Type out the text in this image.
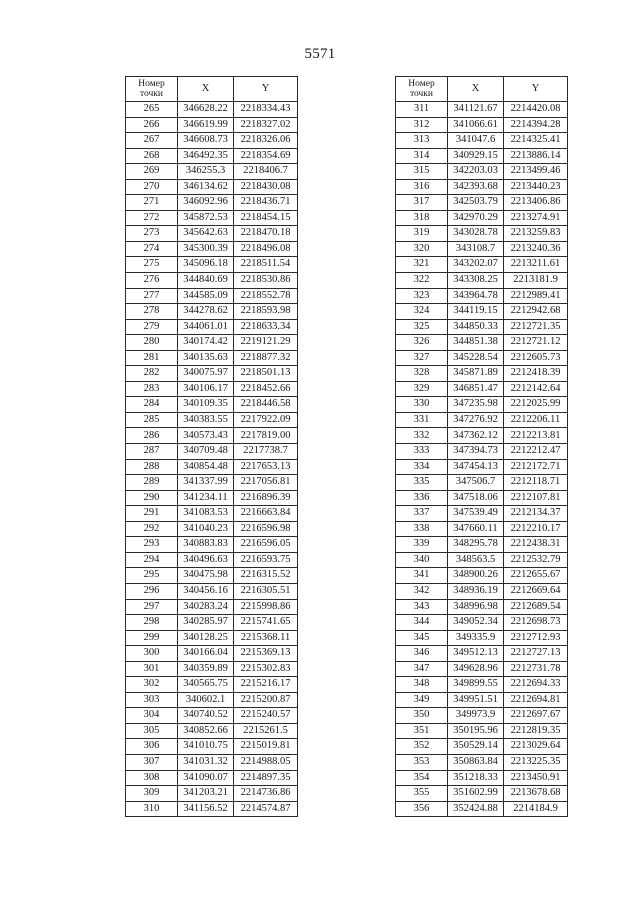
5571
Номер точки	X	Y
265	346628.22	2218334.43
266	346619.99	2218327.02
267	346608.73	2218326.06
268	346492.35	2218354.69
269	346255.3	2218406.7
270	346134.62	2218430.08
271	346092.96	2218436.71
272	345872.53	2218454.15
273	345642.63	2218470.18
274	345300.39	2218496.08
275	345096.18	2218511.54
276	344840.69	2218530.86
277	344585.09	2218552.78
278	344278.62	2218593.98
279	344061.01	2218633.34
280	340174.42	2219121.29
281	340135.63	2218877.32
282	340075.97	2218501.13
283	340106.17	2218452.66
284	340109.35	2218446.58
285	340383.55	2217922.09
286	340573.43	2217819.00
287	340709.48	2217738.7
288	340854.48	2217653.13
289	341337.99	2217056.81
290	341234.11	2216896.39
291	341083.53	2216663.84
292	341040.23	2216596.98
293	340883.83	2216596.05
294	340496.63	2216593.75
295	340475.98	2216315.52
296	340456.16	2216305.51
297	340283.24	2215998.86
298	340285.97	2215741.65
299	340128.25	2215368.11
300	340166.04	2215369.13
301	340359.89	2215302.83
302	340565.75	2215216.17
303	340602.1	2215200.87
304	340740.52	2215240.57
305	340852.66	2215261.5
306	341010.75	2215019.81
307	341031.32	2214988.05
308	341090.07	2214897.35
309	341203.21	2214736.86
310	341156.52	2214574.87
Номер точки	X	Y
311	341121.67	2214420.08
312	341066.61	2214394.28
313	341047.6	2214325.41
314	340929.15	2213886.14
315	342203.03	2213499.46
316	342393.68	2213440.23
317	342503.79	2213406.86
318	342970.29	2213274.91
319	343028.78	2213259.83
320	343108.7	2213240.36
321	343202.07	2213211.61
322	343308.25	2213181.9
323	343964.78	2212989.41
324	344119.15	2212942.68
325	344850.33	2212721.35
326	344851.38	2212721.12
327	345228.54	2212605.73
328	345871.89	2212418.39
329	346851.47	2212142.64
330	347235.98	2212025.99
331	347276.92	2212206.11
332	347362.12	2212213.81
333	347394.73	2212212.47
334	347454.13	2212172.71
335	347506.7	2212118.71
336	347518.06	2212107.81
337	347539.49	2212134.37
338	347660.11	2212210.17
339	348295.78	2212438.31
340	348563.5	2212532.79
341	348900.26	2212655.67
342	348936.19	2212669.64
343	348996.98	2212689.54
344	349052.34	2212698.73
345	349335.9	2212712.93
346	349512.13	2212727.13
347	349628.96	2212731.78
348	349899.55	2212694.33
349	349951.51	2212694.81
350	349973.9	2212697.67
351	350195.96	2212819.35
352	350529.14	2213029.64
353	350863.84	2213225.35
354	351218.33	2213450.91
355	351602.99	2213678.68
356	352424.88	2214184.9
